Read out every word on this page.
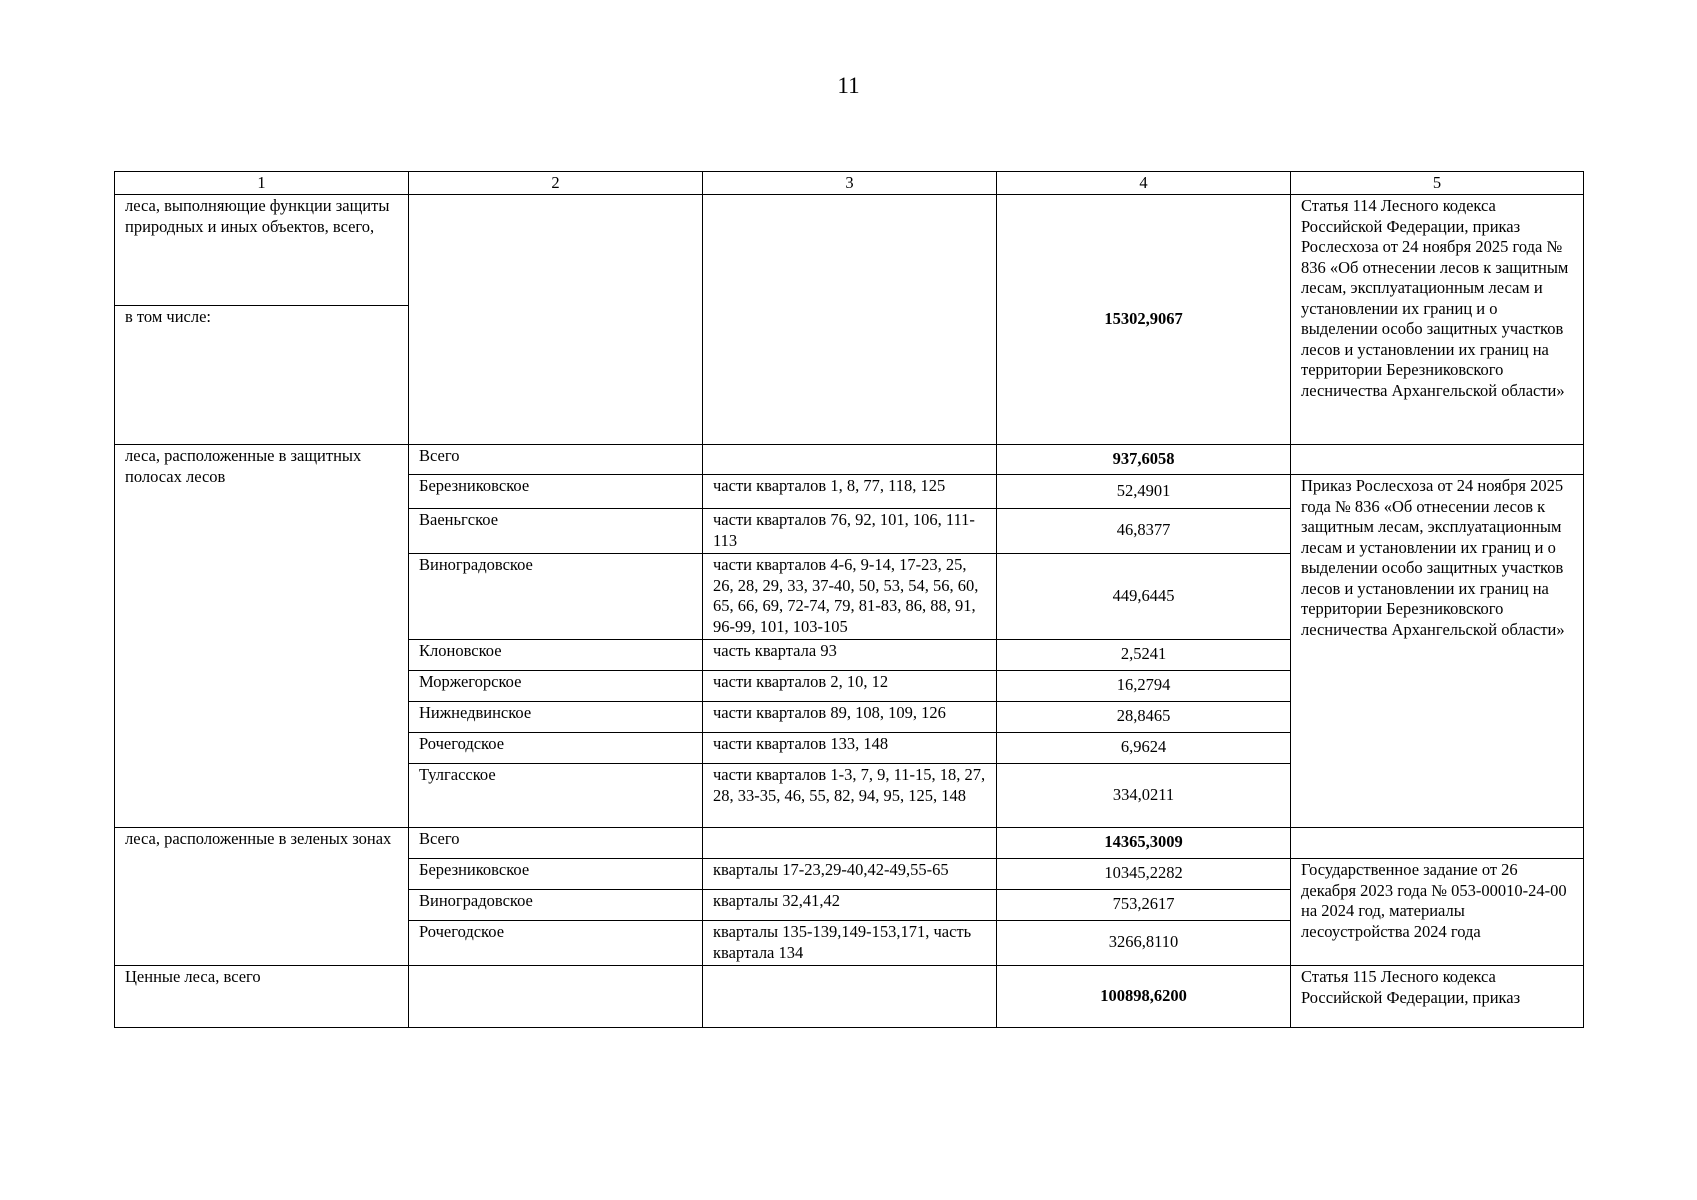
11
1	2	3	4	5
леса, выполняющие функции защиты природных и иных объектов, всего,			15302,9067	Статья 114 Лесного кодекса Российской Федерации, приказ Рослесхоза от 24 ноября 2025 года № 836 «Об отнесении лесов к защитным лесам, эксплуатационным лесам и установлении их границ и о выделении особо защитных участков лесов и установлении их границ на территории Березниковского лесничества Архангельской области»
в том числе:				
леса, расположенные в защитных полосах лесов	Всего		937,6058	
	Березниковское	части кварталов 1, 8, 77, 118, 125	52,4901	Приказ Рослесхоза от 24 ноября 2025 года № 836 «Об отнесении лесов к защитным лесам, эксплуатационным лесам и установлении их границ и о выделении особо защитных участков лесов и установлении их границ на территории Березниковского лесничества Архангельской области»
	Ваеньгское	части кварталов 76, 92, 101, 106, 111-113	46,8377	
	Виноградовское	части кварталов 4-6, 9-14, 17-23, 25, 26, 28, 29, 33, 37-40, 50, 53, 54, 56, 60, 65, 66, 69, 72-74, 79, 81-83, 86, 88, 91, 96-99, 101, 103-105	449,6445	
	Клоновское	часть квартала 93	2,5241	
	Моржегорское	части кварталов 2, 10, 12	16,2794	
	Нижнедвинское	части кварталов 89, 108, 109, 126	28,8465	
	Рочегодское	части кварталов 133, 148	6,9624	
	Тулгасское	части кварталов 1-3, 7, 9, 11-15, 18, 27, 28, 33-35, 46, 55, 82, 94, 95, 125, 148	334,0211	
леса, расположенные в зеленых зонах	Всего		14365,3009	
	Березниковское	кварталы 17-23,29-40,42-49,55-65	10345,2282	Государственное задание от 26 декабря 2023 года № 053-00010-24-00 на 2024 год, материалы лесоустройства 2024 года
	Виноградовское	кварталы 32,41,42	753,2617	
	Рочегодское	кварталы 135-139,149-153,171, часть квартала 134	3266,8110	
Ценные леса, всего			100898,6200	Статья 115 Лесного кодекса Российской Федерации, приказ
